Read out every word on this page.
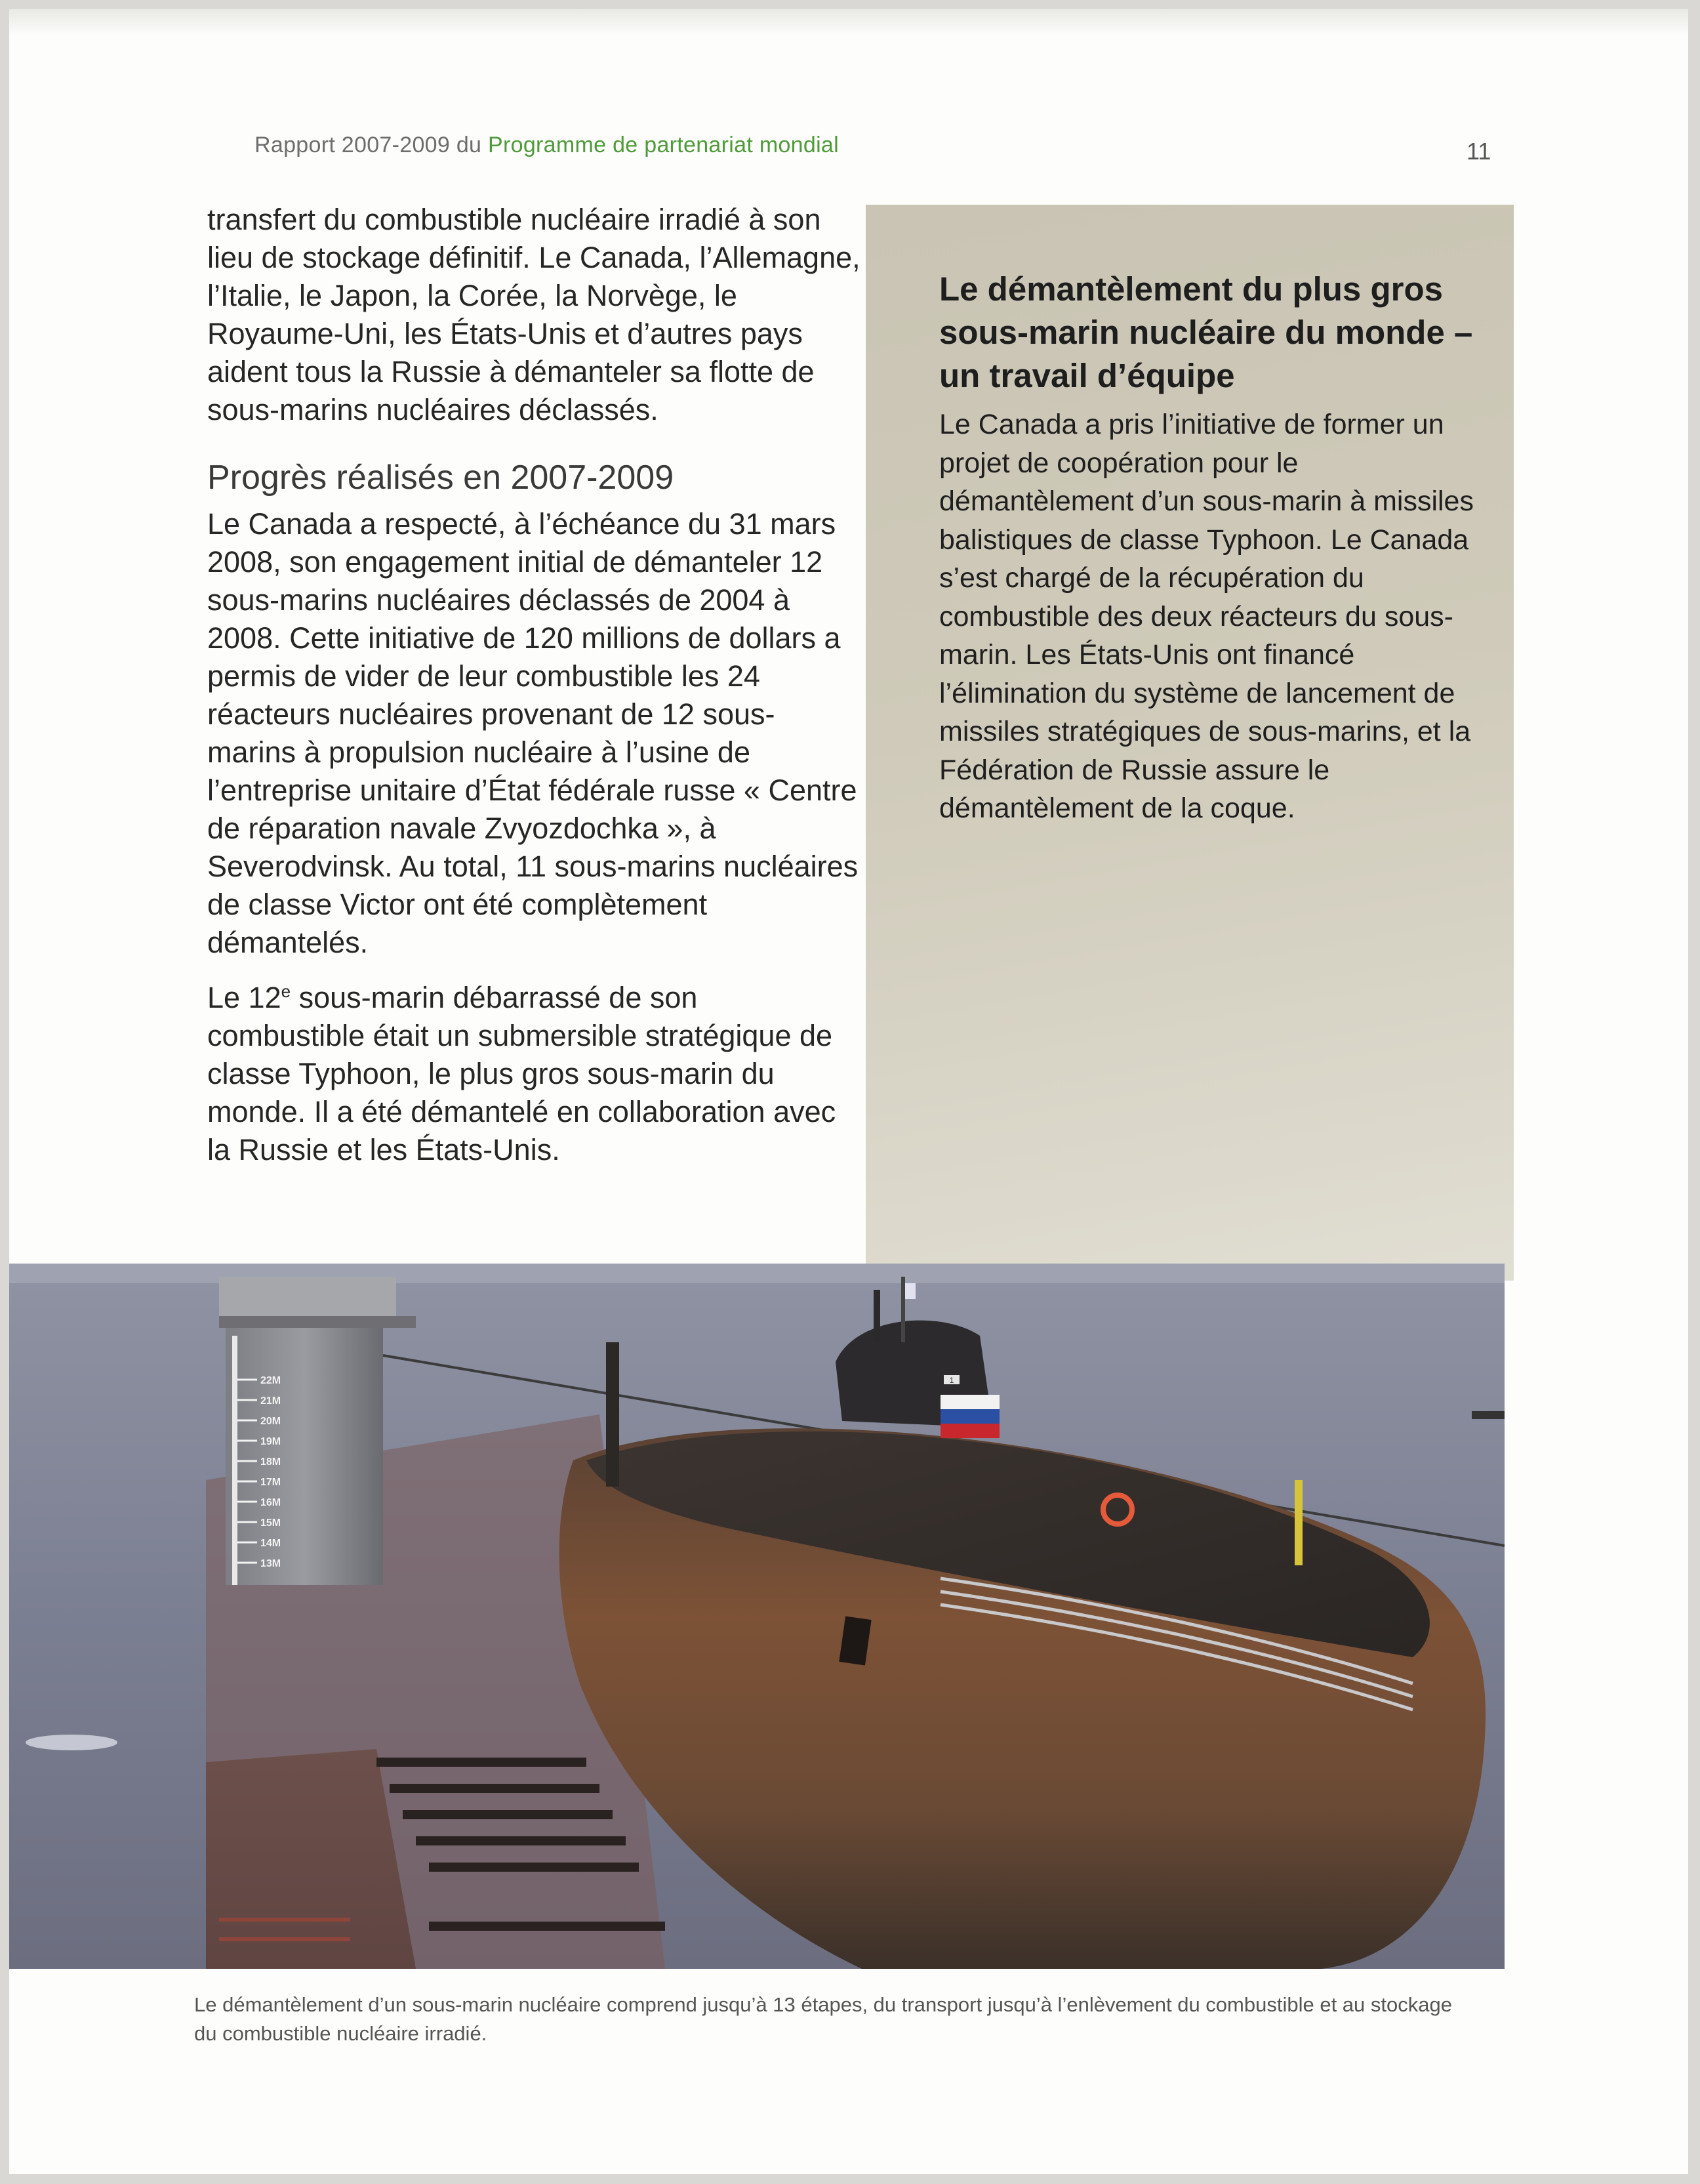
Rapport 2007-2009 du Programme de partenariat mondial	11

transfert du combustible nucléaire irradié à son lieu de stockage définitif. Le Canada, l’Allemagne, l’Italie, le Japon, la Corée, la Norvège, le Royaume-Uni, les États-Unis et d’autres pays aident tous la Russie à démanteler sa flotte de sous-marins nucléaires déclassés.

Progrès réalisés en 2007-2009

Le Canada a respecté, à l’échéance du 31 mars 2008, son engagement initial de démanteler 12 sous-marins nucléaires déclassés de 2004 à 2008. Cette initiative de 120 millions de dollars a permis de vider de leur combustible les 24 réacteurs nucléaires provenant de 12 sous-marins à propulsion nucléaire à l’usine de l’entreprise unitaire d’État fédérale russe « Centre de réparation navale Zvyozdochka », à Severodvinsk. Au total, 11 sous-marins nucléaires de classe Victor ont été complètement démantelés.

Le 12e sous-marin débarrassé de son combustible était un submersible stratégique de classe Typhoon, le plus gros sous-marin du monde. Il a été démantelé en collaboration avec la Russie et les États-Unis.

Le démantèlement du plus gros sous-marin nucléaire du monde – un travail d’équipe

Le Canada a pris l’initiative de former un projet de coopération pour le démantèlement d’un sous-marin à missiles balistiques de classe Typhoon. Le Canada s’est chargé de la récupération du combustible des deux réacteurs du sous-marin. Les États-Unis ont financé l’élimination du système de lancement de missiles stratégiques de sous-marins, et la Fédération de Russie assure le démantèlement de la coque.

22M
21M
20M
19M
18M
17M
16M
15M
14M
13M
1
Le démantèlement d’un sous-marin nucléaire comprend jusqu’à 13 étapes, du transport jusqu’à l’enlèvement du combustible et au stockage du combustible nucléaire irradié.
